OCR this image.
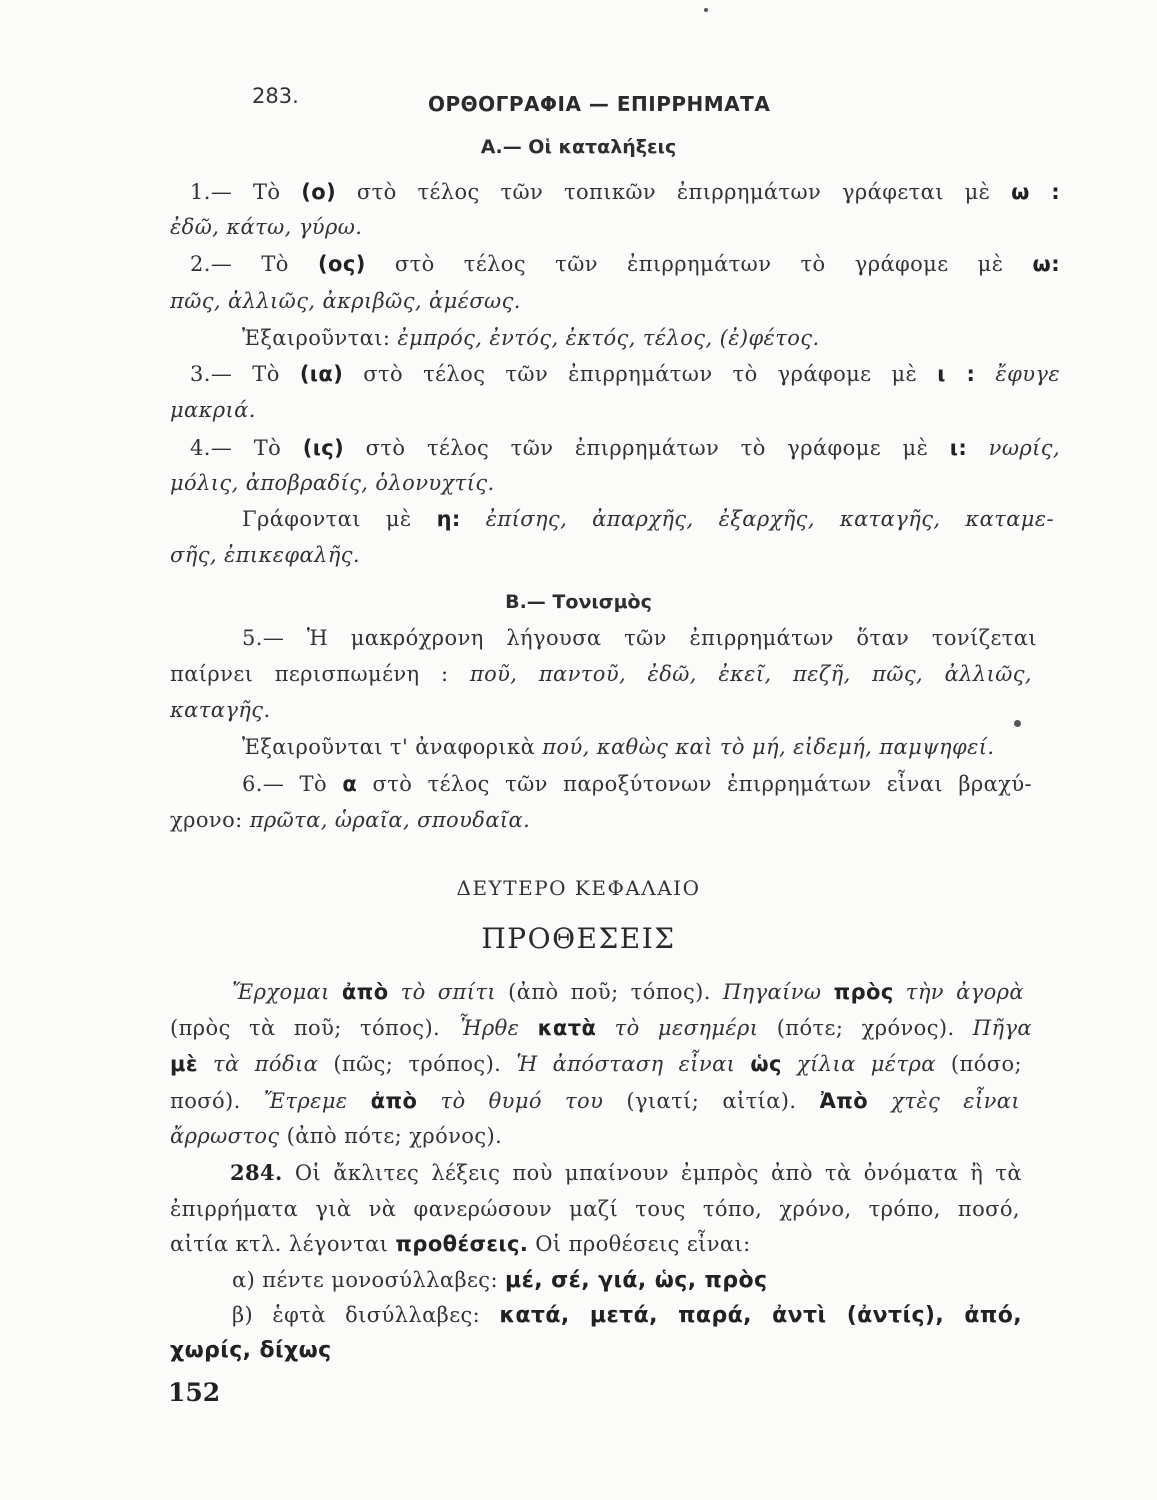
283.	ΟΡΘΟΓΡΑΦΙΑ — ΕΠΙΡΡΗΜΑΤΑ
Α.— Οἱ καταλήξεις
1.— Τὸ (ο) στὸ τέλος τῶν τοπικῶν ἐπιρρημάτων γράφεται μὲ ω :
ἐδῶ, κάτω, γύρω.
2.— Τὸ (ος) στὸ τέλος τῶν ἐπιρρημάτων τὸ γράφομε μὲ ω:
πῶς, ἀλλιῶς, ἀκριβῶς, ἀμέσως.
Ἐξαιροῦνται: ἐμπρός, ἐντός, ἐκτός, τέλος, (ἐ)φέτος.
3.— Τὸ (ια) στὸ τέλος τῶν ἐπιρρημάτων τὸ γράφομε μὲ ι : ἔφυγε
μακριά.
4.— Τὸ (ις) στὸ τέλος τῶν ἐπιρρημάτων τὸ γράφομε μὲ ι: νωρίς,
μόλις, ἀποβραδίς, ὁλονυχτίς.
Γράφονται μὲ η: ἐπίσης, ἀπαρχῆς, ἐξαρχῆς, καταγῆς, καταμε-
σῆς, ἐπικεφαλῆς.
Β.— Τονισμὸς
5.— Ἡ μακρόχρονη λήγουσα τῶν ἐπιρρημάτων ὅταν τονίζεται
παίρνει περισπωμένη : ποῦ, παντοῦ, ἐδῶ, ἐκεῖ, πεζῆ, πῶς, ἀλλιῶς,
καταγῆς.
Ἐξαιροῦνται τ' ἀναφορικὰ πού, καθὼς καὶ τὸ μή, εἰδεμή, παμψηφεί.
6.— Τὸ α στὸ τέλος τῶν παροξύτονων ἐπιρρημάτων εἶναι βραχύ-
χρονο: πρῶτα, ὡραῖα, σπουδαῖα.
ΔΕΥΤΕΡΟ ΚΕΦΑΛΑΙΟ
ΠΡΟΘΕΣΕΙΣ
Ἔρχομαι ἀπὸ τὸ σπίτι (ἀπὸ ποῦ; τόπος). Πηγαίνω πρὸς τὴν ἀγορὰ
(πρὸς τὰ ποῦ; τόπος). Ἦρθε κατὰ τὸ μεσημέρι (πότε; χρόνος). Πῆγα
μὲ τὰ πόδια (πῶς; τρόπος). Ἡ ἀπόσταση εἶναι ὡς χίλια μέτρα (πόσο;
ποσό). Ἔτρεμε ἀπὸ τὸ θυμό του (γιατί; αἰτία). Ἀπὸ χτὲς εἶναι
ἄρρωστος (ἀπὸ πότε; χρόνος).
284. Οἱ ἄκλιτες λέξεις ποὺ μπαίνουν ἐμπρὸς ἀπὸ τὰ ὀνόματα ἢ τὰ
ἐπιρρήματα γιὰ νὰ φανερώσουν μαζί τους τόπο, χρόνο, τρόπο, ποσό,
αἰτία κτλ. λέγονται προθέσεις. Οἱ προθέσεις εἶναι:
α) πέντε μονοσύλλαβες: μέ, σέ, γιά, ὡς, πρὸς
β) ἑφτὰ δισύλλαβες: κατά, μετά, παρά, ἀντὶ (ἀντίς), ἀπό,
χωρίς, δίχως
152
